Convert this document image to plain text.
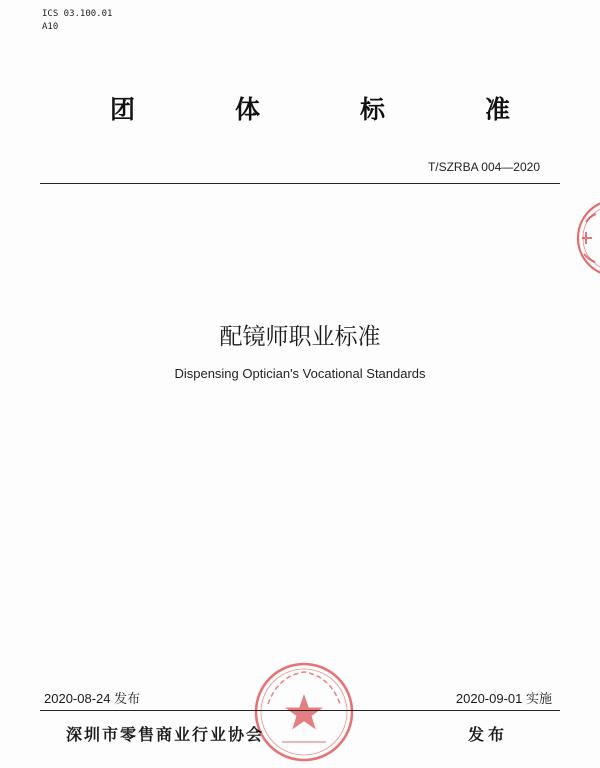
ICS 03.100.01
A10
团	体	标	准
T/SZRBA 004—2020
配镜师职业标准
Dispensing Optician's Vocational Standards
2020-08-24 发布	2020-09-01 实施
深圳市零售商业行业协会	发布
